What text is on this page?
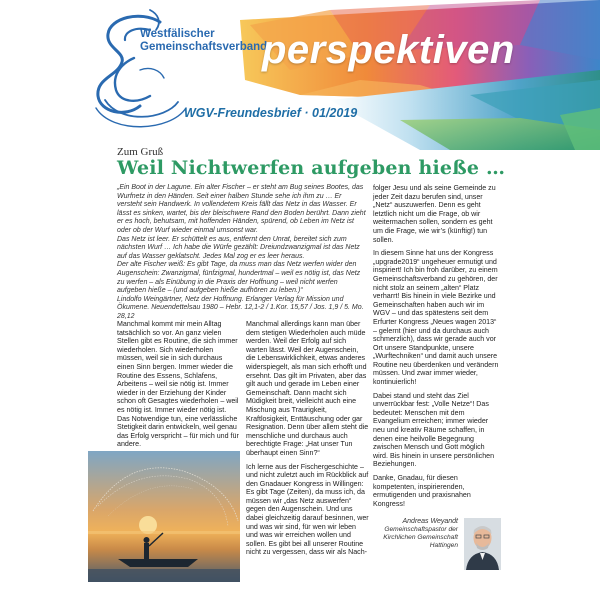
Westfälischer
Gemeinschaftsverband
perspektiven
WGV-Freundesbrief · 01/2019
Zum Gruß
Weil Nichtwerfen aufgeben hieße …

„Ein Boot in der Lagune. Ein alter Fischer – er steht am Bug seines Bootes, das Wurfnetz in den Händen. Seit einer halben Stunde sehe ich ihm zu … Er versteht sein Handwerk. In vollendetem Kreis fällt das Netz in das Wasser. Er lässt es sinken, wartet, bis der bleischwere Rand den Boden berührt. Dann zieht er es hoch, behutsam, mit hoffenden Händen, spürend, ob Leben im Netz ist oder ob der Wurf wieder einmal umsonst war.

Das Netz ist leer. Er schüttelt es aus, entfernt den Unrat, bereitet sich zum nächsten Wurf … Ich habe die Würfe gezählt: Dreiundzwanzigmal ist das Netz auf das Wasser geklatscht. Jedes Mal zog er es leer heraus.

Der alte Fischer weiß: Es gibt Tage, da muss man das Netz werfen wider den Augenschein: Zwanzigmal, fünfzigmal, hundertmal – weil es nötig ist, das Netz zu werfen – als Einübung in die Praxis der Hoffnung – weil nicht werfen aufgeben hieße – (und aufgeben hieße aufhören zu leben.)“

Lindolfo Weingärtner, Netz der Hoffnung. Erlanger Verlag für Mission und Ökumene. Neuendettelsau 1980 – Hebr. 12,1-2 / 1.Kor. 15,57 / Jos. 1,9 / 5. Mo. 28,12

Manchmal kommt mir mein Alltag tatsächlich so vor. An ganz vielen Stellen gibt es Routine, die sich immer wiederholen. Sich wiederholen müssen, weil sie in sich durchaus einen Sinn bergen. Immer wieder die Routine des Essens, Schlafens, Arbeitens – weil sie nötig ist. Immer wieder in der Erziehung der Kinder schon oft Gesagtes wiederholen – weil es nötig ist. Immer wieder nötig ist. Das Notwendige tun, eine verlässliche Stetigkeit darin entwickeln, weil genau das Erfolg verspricht – für mich und für andere.

Manchmal allerdings kann man über dem stetigen Wiederholen auch müde werden. Weil der Erfolg auf sich warten lässt. Weil der Augenschein, die Lebenswirklichkeit, etwas anderes widerspiegelt, als man sich erhofft und ersehnt. Das gilt im Privaten, aber das gilt auch und gerade im Leben einer Gemeinschaft. Dann macht sich Müdigkeit breit, vielleicht auch eine Mischung aus Traurigkeit, Kraftlosigkeit, Enttäuschung oder gar Resignation. Denn über allem steht die menschliche und durchaus auch berechtigte Frage: „Hat unser Tun überhaupt einen Sinn?“

Ich lerne aus der Fischergeschichte – und nicht zuletzt auch im Rückblick auf den Gnadauer Kongress in Willingen: Es gibt Tage (Zeiten), da muss ich, da müssen wir „das Netz auswerfen“ gegen den Augenschein. Und uns dabei gleichzeitig darauf besinnen, wer und was wir sind, für wen wir leben und was wir erreichen wollen und sollen. Es gibt bei all unserer Routine nicht zu vergessen, dass wir als Nach-

folger Jesu und als seine Gemeinde zu jeder Zeit dazu berufen sind, unser „Netz“ auszuwerfen. Denn es geht letztlich nicht um die Frage, ob wir weitermachen sollen, sondern es geht um die Frage, wie wir’s (künftig!) tun sollen.

In diesem Sinne hat uns der Kongress „upgrade2019“ ungeheuer ermutigt und inspiriert! Ich bin froh darüber, zu einem Gemeinschaftsverband zu gehören, der nicht stolz an seinem „alten“ Platz verharrt! Bis hinein in viele Bezirke und Gemeinschaften haben auch wir im WGV – und das spätestens seit dem Erfurter Kongress „Neues wagen 2013“ – gelernt (hier und da durchaus auch schmerzlich), dass wir gerade auch vor Ort unsere Standpunkte, unsere „Wurftechniken“ und damit auch unsere Routine neu überdenken und verändern müssen. Und zwar immer wieder, kontinuierlich!

Dabei stand und steht das Ziel unverrückbar fest: „Volle Netze“! Das bedeutet: Menschen mit dem Evangelium erreichen; immer wieder neu und kreativ Räume schaffen, in denen eine heilvolle Begegnung zwischen Mensch und Gott möglich wird. Bis hinein in unsere persönlichen Beziehungen.

Danke, Gnadau, für diesen kompetenten, inspirierenden, ermutigenden und praxisnahen Kongress!

Andreas Weyandt
Gemeinschaftspastor der Kirchlichen Gemeinschaft Hattingen
